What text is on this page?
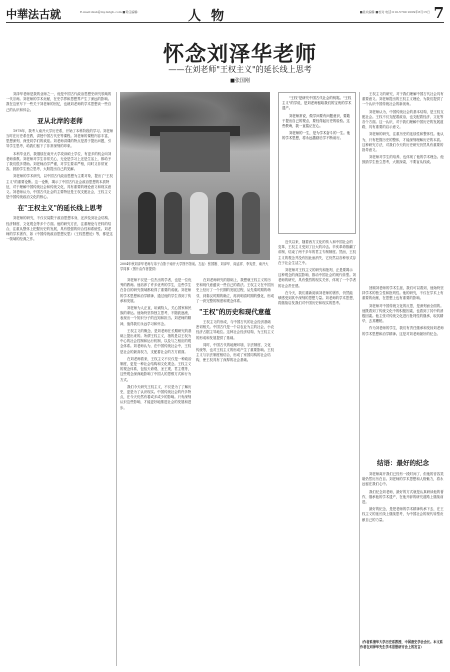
中華法古就	E-mail:dzsb@my.lxdgb.com ■责任编辑:	人物	■美术编辑 ■校对 电话:010-5790 2009年8月15日 7
怀念刘泽华老师
——在刘老师"王权主义"的延长线上思考
■张国刚

刘泽华老师是我的业师之一，他是中国古代政治思想史研究领域的一代宗师。刘老师的学术贡献，在史学界和思想界产生了深远的影响。我在这里写下一些关于刘老师的回忆，也就刘老师的学术思想谈一些自己的认识和体会。

亚从北岸的老师

1978年，我考入南开大学历史系，开始了本科阶段的学习。刘老师当时在历史系任教，讲授中国古代史等课程。刘老师的课程内容丰富，思想深刻，深受同学们的欢迎。刘老师讲课的特点是善于提出问题，引导学生思考，给我们留下了非常深刻的印象。

本科毕业后，我继续在南开大学攻读硕士学位，有更多的机会向刘老师请教。刘老师对学生非常关心，无论是学习上还是生活上，都给予了我们很多帮助。刘老师治学严谨，对学生要求严格，同时又非常宽容，鼓励学生独立思考，大胆提出自己的见解。

刘老师的学术研究，以中国古代政治思想为主要对象，提出了"王权主义"的重要论断。这一论断，揭示了中国古代社会政治思想的本质特征，对于理解中国传统社会和传统文化，具有重要的理论意义和现实意义。刘老师认为，中国古代社会的主要特征是王权支配社会，王权主义是中国传统政治文化的核心。

在"王权主义"的延长线上思考

刘老师的研究，不仅仅局限于政治思想本身，还涉及到社会结构、经济制度、文化观念等多个方面。他的研究方法，注重理论与史料的结合，注重从整体上把握历史的发展，具有很强的综合性和系统性。刘老师的学术著作，如《中国传统政治思想反思》《王权思想论》等，都是这一领域的经典之作。

2004年秋刘泽华老师与弟子合影于南开大学图书馆前。左起：张国刚、刘泽华、阎孟祥、李宪堂、南开大学同事（图片由作者提供）

刘老师不仅是一位杰出的学者，也是一位优秀的教师。他培养了许多优秀的学生，这些学生在各自的研究领域都取得了重要的成就。刘老师的学术思想和治学精神，通过他的学生得到了传承和发展。

刘老师为人正直，坦诚待人，关心国家和民族的命运。他始终坚持独立思考，不随波逐流，表现出一个知识分子的良知和担当。刘老师的精神，值得我们永远学习和怀念。

王权主义的概念，是刘老师在长期研究的基础上提出来的。所谓王权主义，指的是以王权为中心的社会控制和运行机制，以及与之相应的观念体系。刘老师认为，在中国传统社会中，王权是社会的最高权力，支配着社会的方方面面。

在刘老师看来，王权主义不仅仅是一种政治制度，更是一种社会结构和文化观念。王权主义的观念体系，包括天命观、圣王观、君主观等，这些观念深深地影响了中国人的思维方式和行为方式。

我们今天研究王权主义，不仅是为了了解历史，更是为了认识现实。中国传统社会的许多特点，在今天仍然有着或多或少的影响。只有深刻认识这些影响，才能更好地推进社会的发展和进步。

在刘老师研究的基础上，我想就王权主义的历史和现代意蕴谈一些自己的看法。王权主义在中国历史上经历了一个长期的发展过程，从先秦时期的萌芽，到秦汉时期的确立，再到明清时期的强化，形成了一套完整的制度和观念体系。

"王权"的历史和现代意蕴

王权主义的形成，与中国古代的社会经济基础密切相关。中国古代是一个以农业为主的社会，小农经济占据主导地位。这种社会经济结构，为王权主义的形成和发展提供了基础。

同时，中国古代的地理环境、宗法制度、文化传统等，也对王权主义的形成产生了重要影响。王权主义与宗法制度相结合，形成了家国同构的社会结构，使王权具有了深厚的社会基础。

"王权"是研究中国古代社会的钥匙。"王权主义"的学说，是刘老师留给我们的宝贵的学术遗产。

刘老师常说，做学问要有问题意识，要敢于提出自己的观点，要经得起历史的检验。这些教诲，我一直铭记在心。

刘老师的一生，是为学术奋斗的一生。他的学术思想，将永远激励后学不断前行。

近代以来，随着西方文化的传入和中国社会的变革，王权主义受到了巨大的冲击。辛亥革命推翻了帝制，结束了两千多年的君主专制制度。然而，王权主义的观念并没有因此而消失，它仍然以各种形式存在于社会生活之中。

刘老师对王权主义的研究和批判，正是要揭示这种观念的深层影响，推动中国社会的现代转型。刘老师的研究，具有强烈的现实关怀，体现了一个学者的社会责任感。

在今天，我们重新阅读刘老师的著作，仍然能够感受到其中深刻的思想力量。刘老师的学术思想，将继续启发我们对中国历史和现实的思考。

王权主义的研究，对于我们理解中国古代社会具有重要意义。刘老师提出的王权主义理论，为我们提供了一个认识中国传统社会的新视角。

刘老师认为，中国传统社会的基本结构，是王权支配社会。王权不仅支配着政治，也支配着经济、文化等各个方面。这一认识，对于我们理解中国历史的发展道路，具有重要的启示意义。

刘老师的研究，注重历史的连续性和整体性。他认为，只有把握历史的整体，才能深刻理解历史的本质。这种研究方法，对我们今天的历史研究仍然具有重要的指导意义。

刘老师对学生的培养，也体现了他的学术理念。他鼓励学生独立思考，大胆探索，不要盲从权威。

回顾刘老师的学术生涯，我们可以看到，他始终坚持学术的独立性和批判性。他的研究，不仅在学术上有重要的贡献，在思想上也有重要的影响。

刘老师对中国传统文化的反思，是深刻而全面的。他既看到了传统文化中的积极因素，也看到了其中的消极因素。他主张对传统文化进行批判性的继承，取其精华，去其糟粕。

作为刘老师的学生，我们有责任继承和发扬刘老师的学术思想和治学精神。这是对刘老师最好的纪念。

结语：最好的纪念

刘老师离开我们已经有一段时间了，但他的音容笑貌仍然历历在目。刘老师的学术思想和人格魅力，将永远留在我们心中。

我们纪念刘老师，最好的方式就是认真研读他的著作，继承他的学术遗产，在他开辟的研究道路上继续前进。

最好的纪念，是把老师的学术精神传承下去，在王权主义的延长线上继续思考，为中国社会的现代转型贡献自己的力量。

（作者系清华大学历史系教授、中国唐史学会会长。本文系作者在刘泽华先生学术思想研讨会上的发言）
